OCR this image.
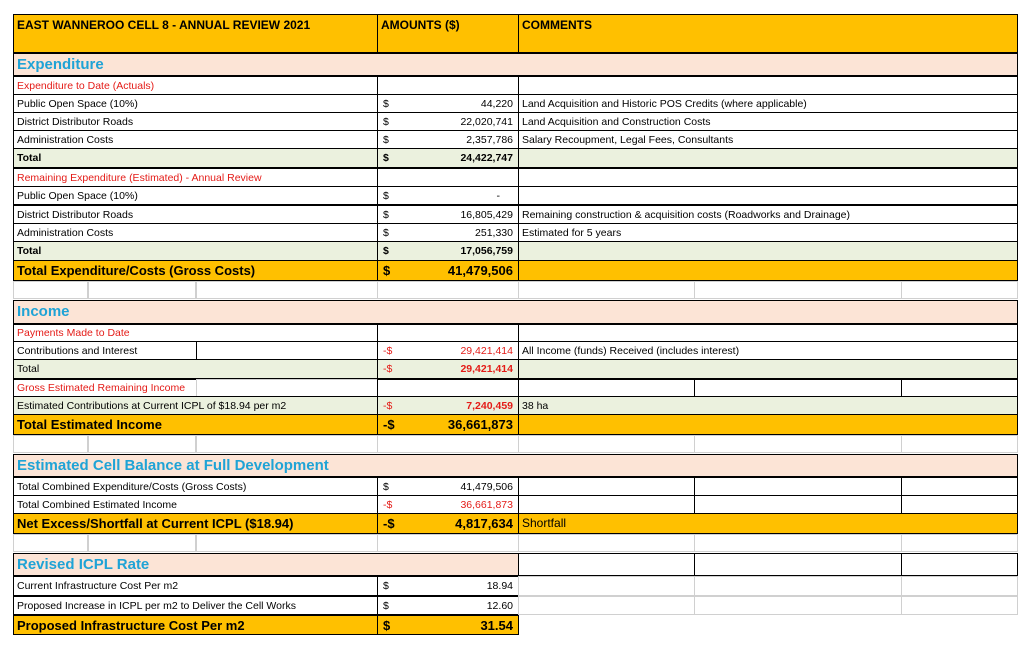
EAST WANNEROO CELL 8 - ANNUAL REVIEW 2021	AMOUNTS ($)	COMMENTS
Expenditure
Expenditure to Date (Actuals)
Public Open Space (10%)	$	44,220 Land Acquisition and Historic POS Credits (where applicable)
District Distributor Roads	$	22,020,741 Land Acquisition and Construction Costs
Administration Costs	$	2,357,786 Salary Recoupment, Legal Fees, Consultants
Total	$	24,422,747
Remaining Expenditure (Estimated) - Annual Review
Public Open Space (10%)	$	-
District Distributor Roads	$	16,805,429 Remaining construction & acquisition costs (Roadworks and Drainage)
Administration Costs	$	251,330 Estimated for 5 years
Total	$	17,056,759
Total Expenditure/Costs (Gross Costs)	$	41,479,506
Income
Payments Made to Date
Contributions and Interest	-$	29,421,414 All Income (funds) Received (includes interest)
Total	-$	29,421,414
Gross Estimated Remaining Income
Estimated Contributions at Current ICPL of $18.94 per m2	-$	7,240,459 38 ha
Total Estimated Income	-$	36,661,873
Estimated Cell Balance at Full Development
Total Combined Expenditure/Costs (Gross Costs)	$	41,479,506
Total Combined Estimated Income	-$	36,661,873
Net Excess/Shortfall at Current ICPL ($18.94)	-$	4,817,634 Shortfall
Revised ICPL Rate
Current Infrastructure Cost Per m2	$	18.94
Proposed Increase in ICPL per m2 to Deliver the Cell Works	$	12.60
Proposed Infrastructure Cost Per m2	$	31.54
